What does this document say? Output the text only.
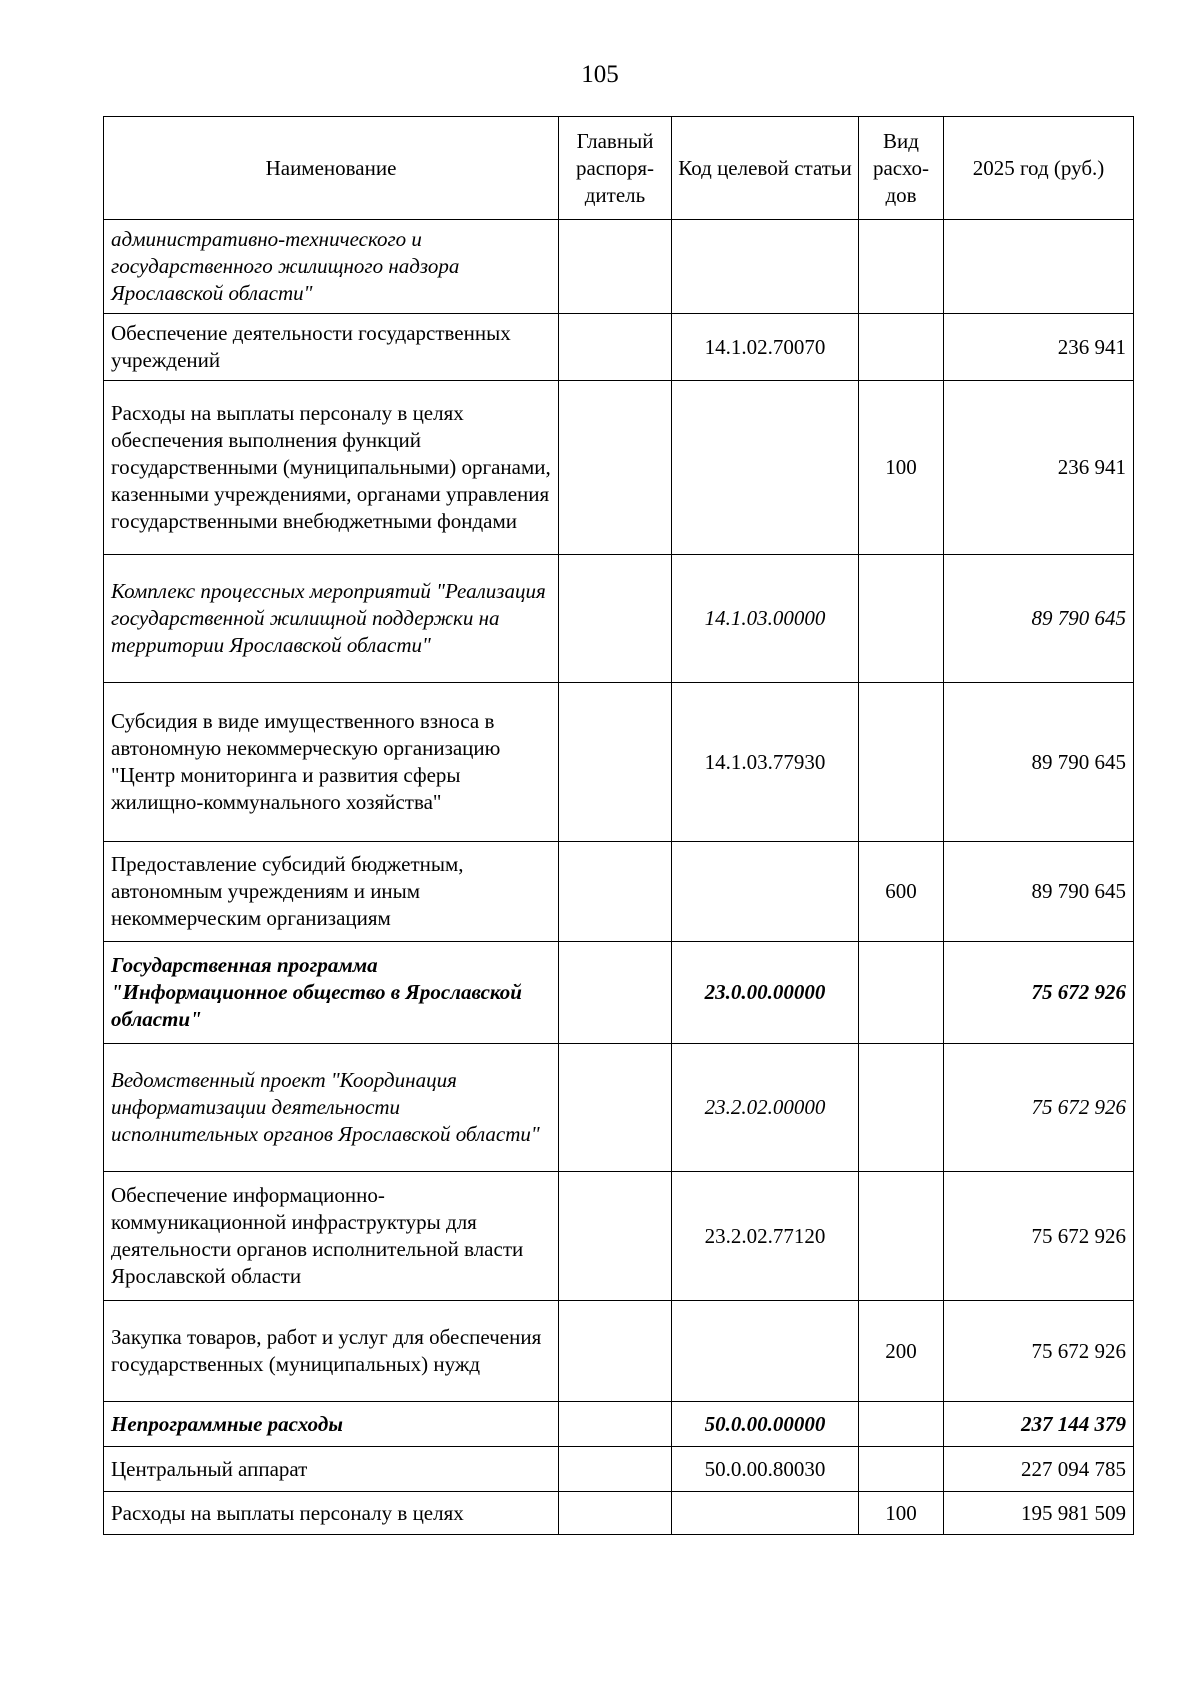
105
Наименование	Главный распоря-дитель	Код целевой статьи	Вид расхо-дов	2025 год (руб.)
административно-технического и государственного жилищного надзора Ярославской области"				
Обеспечение деятельности государственных учреждений		14.1.02.70070		236 941
Расходы на выплаты персоналу в целях обеспечения выполнения функций государственными (муниципальными) органами, казенными учреждениями, органами управления государственными внебюджетными фондами			100	236 941
Комплекс процессных мероприятий "Реализация государственной жилищной поддержки на территории Ярославской области"		14.1.03.00000		89 790 645
Субсидия в виде имущественного взноса в автономную некоммерческую организацию "Центр мониторинга и развития сферы жилищно-коммунального хозяйства"		14.1.03.77930		89 790 645
Предоставление субсидий бюджетным, автономным учреждениям и иным некоммерческим организациям			600	89 790 645
Государственная программа "Информационное общество в Ярославской области"		23.0.00.00000		75 672 926
Ведомственный проект "Координация информатизации деятельности исполнительных органов Ярославской области"		23.2.02.00000		75 672 926
Обеспечение информационно-коммуникационной инфраструктуры для деятельности органов исполнительной власти Ярославской области		23.2.02.77120		75 672 926
Закупка товаров, работ и услуг для обеспечения государственных (муниципальных) нужд			200	75 672 926
Непрограммные расходы		50.0.00.00000		237 144 379
Центральный аппарат		50.0.00.80030		227 094 785
Расходы на выплаты персоналу в целях			100	195 981 509
